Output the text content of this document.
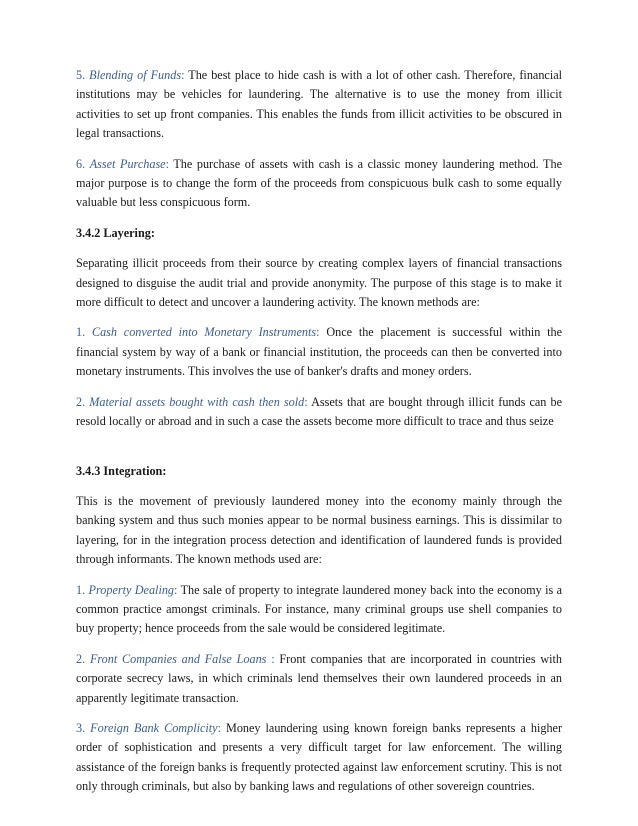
5. Blending of Funds: The best place to hide cash is with a lot of other cash. Therefore, financial institutions may be vehicles for laundering. The alternative is to use the money from illicit activities to set up front companies. This enables the funds from illicit activities to be obscured in legal transactions.

6. Asset Purchase: The purchase of assets with cash is a classic money laundering method. The major purpose is to change the form of the proceeds from conspicuous bulk cash to some equally valuable but less conspicuous form.

3.4.2 Layering:

Separating illicit proceeds from their source by creating complex layers of financial transactions designed to disguise the audit trial and provide anonymity. The purpose of this stage is to make it more difficult to detect and uncover a laundering activity. The known methods are:

1. Cash converted into Monetary Instruments: Once the placement is successful within the financial system by way of a bank or financial institution, the proceeds can then be converted into monetary instruments. This involves the use of banker's drafts and money orders.

2. Material assets bought with cash then sold: Assets that are bought through illicit funds can be resold locally or abroad and in such a case the assets become more difficult to trace and thus seize

3.4.3 Integration:

This is the movement of previously laundered money into the economy mainly through the banking system and thus such monies appear to be normal business earnings. This is dissimilar to layering, for in the integration process detection and identification of laundered funds is provided through informants. The known methods used are:

1. Property Dealing: The sale of property to integrate laundered money back into the economy is a common practice amongst criminals. For instance, many criminal groups use shell companies to buy property; hence proceeds from the sale would be considered legitimate.

2. Front Companies and False Loans : Front companies that are incorporated in countries with corporate secrecy laws, in which criminals lend themselves their own laundered proceeds in an apparently legitimate transaction.

3. Foreign Bank Complicity: Money laundering using known foreign banks represents a higher order of sophistication and presents a very difficult target for law enforcement. The willing assistance of the foreign banks is frequently protected against law enforcement scrutiny. This is not only through criminals, but also by banking laws and regulations of other sovereign countries.
